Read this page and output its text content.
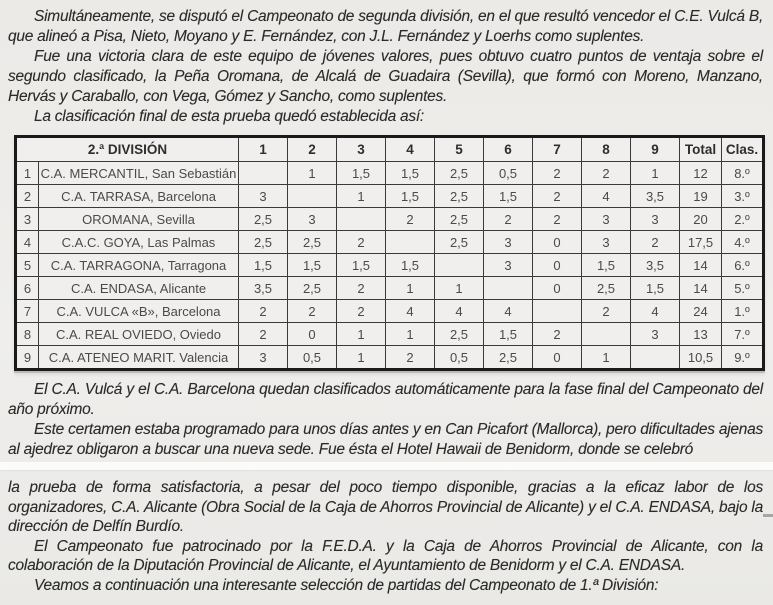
Simultáneamente, se disputó el Campeonato de segunda división, en el que resultó vencedor el C.E. Vulcá B, que alineó a Pisa, Nieto, Moyano y E. Fernández, con J.L. Fernández y Loerhs como suplentes.

Fue una victoria clara de este equipo de jóvenes valores, pues obtuvo cuatro puntos de ventaja sobre el segundo clasificado, la Peña Oromana, de Alcalá de Guadaira (Sevilla), que formó con Moreno, Manzano, Hervás y Caraballo, con Vega, Gómez y Sancho, como suplentes.

La clasificación final de esta prueba quedó establecida así:

2.ª DIVISIÓN		1	2	3	4	5	6	7	8	9	Total	Clas.
1	C.A. MERCANTIL, San Sebastián		1	1,5	1,5	2,5	0,5	2	2	1	12	8.º
2	C.A. TARRASA, Barcelona	3		1	1,5	2,5	1,5	2	4	3,5	19	3.º
3	OROMANA, Sevilla	2,5	3		2	2,5	2	2	3	3	20	2.º
4	C.A.C. GOYA, Las Palmas	2,5	2,5	2		2,5	3	0	3	2	17,5	4.º
5	C.A. TARRAGONA, Tarragona	1,5	1,5	1,5	1,5		3	0	1,5	3,5	14	6.º
6	C.A. ENDASA, Alicante	3,5	2,5	2	1	1		0	2,5	1,5	14	5.º
7	C.A. VULCA «B», Barcelona	2	2	2	4	4	4		2	4	24	1.º
8	C.A. REAL OVIEDO, Oviedo	2	0	1	1	2,5	1,5	2		3	13	7.º
9	C.A. ATENEO MARIT. Valencia	3	0,5	1	2	0,5	2,5	0	1		10,5	9.º

El C.A. Vulcá y el C.A. Barcelona quedan clasificados automáticamente para la fase final del Campeonato del año próximo.

Este certamen estaba programado para unos días antes y en Can Picafort (Mallorca), pero dificultades ajenas al ajedrez obligaron a buscar una nueva sede. Fue ésta el Hotel Hawaii de Benidorm, donde se celebró

la prueba de forma satisfactoria, a pesar del poco tiempo disponible, gracias a la eficaz labor de los organizadores, C.A. Alicante (Obra Social de la Caja de Ahorros Provincial de Alicante) y el C.A. ENDASA, bajo la dirección de Delfín Burdío.

El Campeonato fue patrocinado por la F.E.D.A. y la Caja de Ahorros Provincial de Alicante, con la colaboración de la Diputación Provincial de Alicante, el Ayuntamiento de Benidorm y el C.A. ENDASA.

Veamos a continuación una interesante selección de partidas del Campeonato de 1.ª División:
